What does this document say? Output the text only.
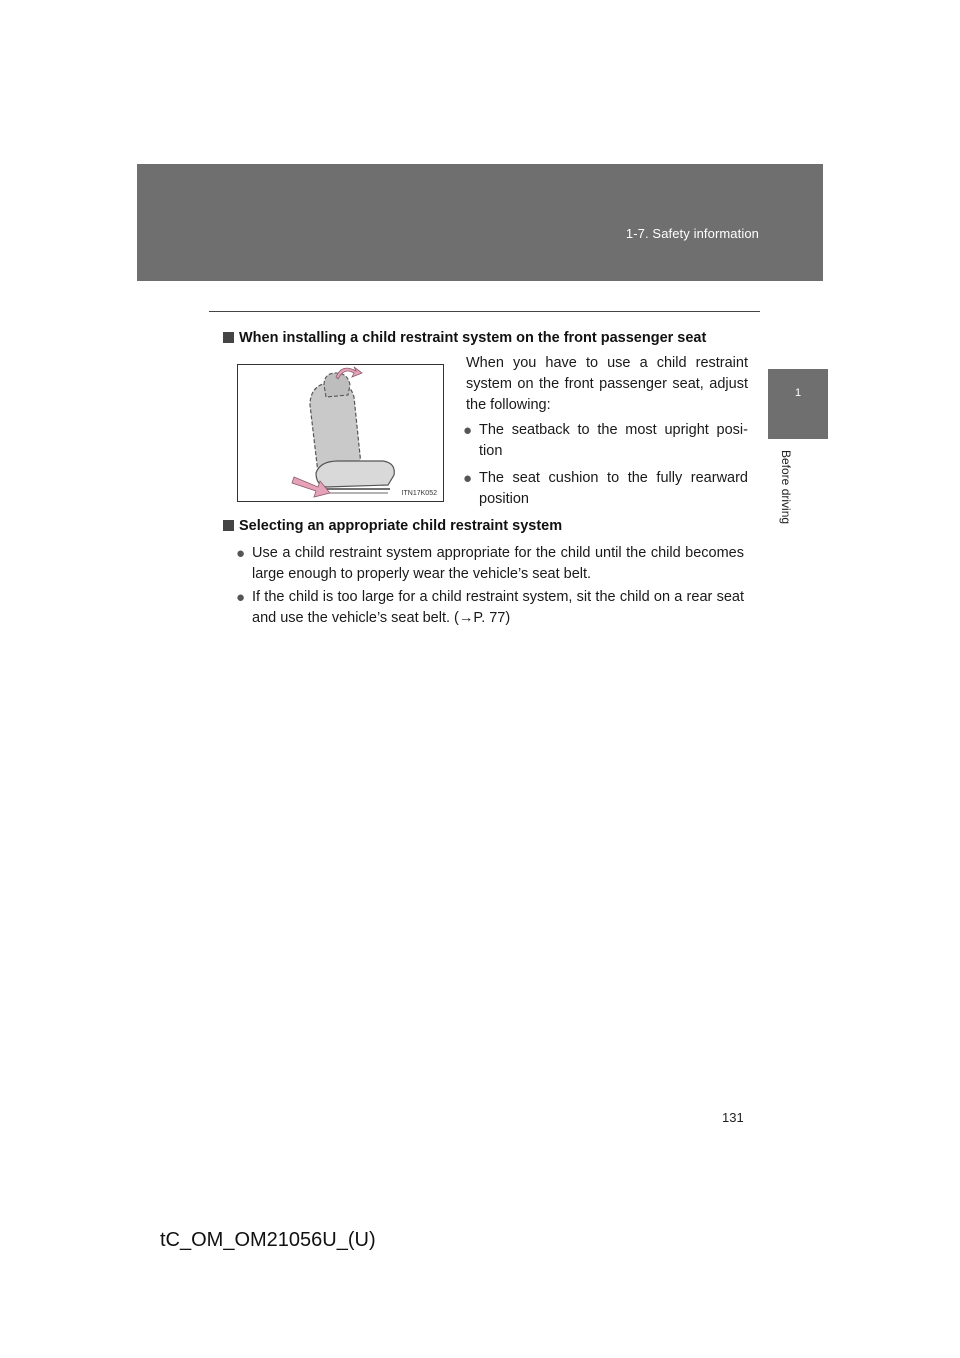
1-7. Safety information
1
Before driving
When installing a child restraint system on the front passenger seat
ITN17K052
When you have to use a child restraint system on the front passenger seat, adjust the following:
● The seatback to the most upright posi- tion
● The seat cushion to the fully rearward position
Selecting an appropriate child restraint system
● Use a child restraint system appropriate for the child until the child becomes large enough to properly wear the vehicle’s seat belt.
● If the child is too large for a child restraint system, sit the child on a rear seat and use the vehicle’s seat belt. (→P. 77)
131
tC_OM_OM21056U_(U)
